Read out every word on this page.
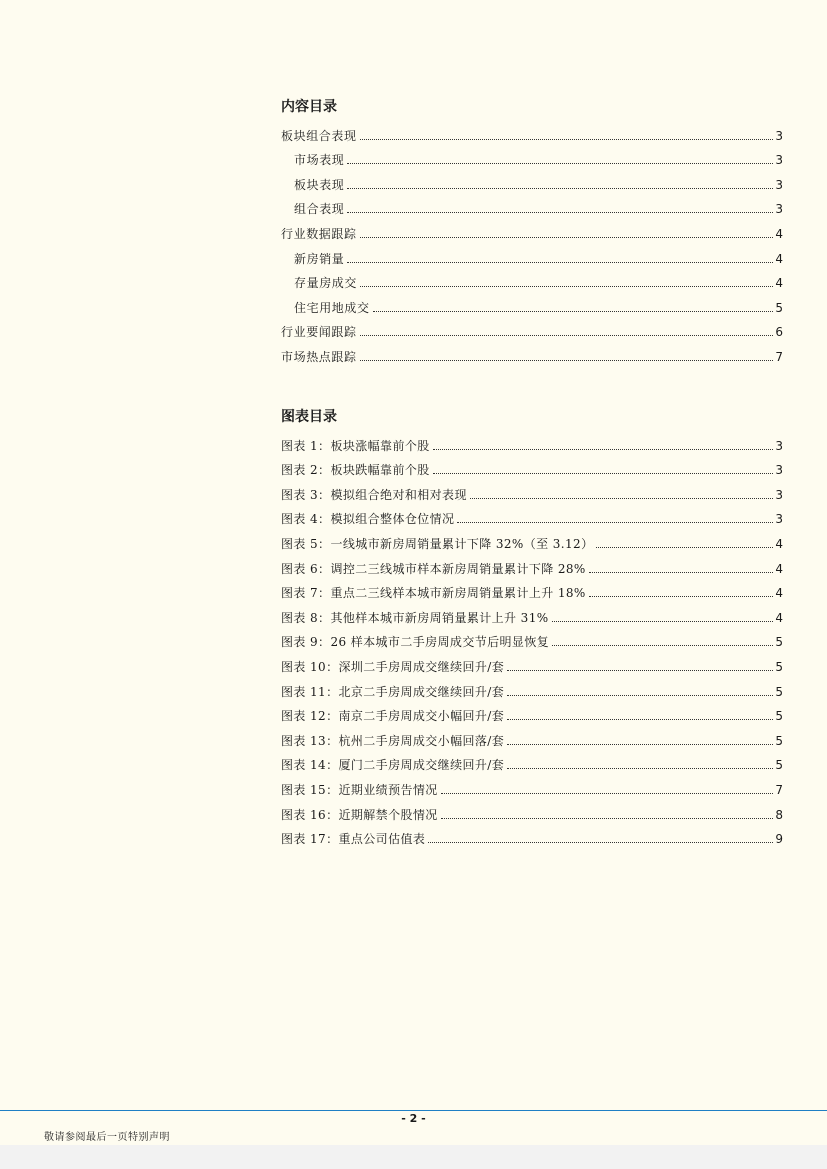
内容目录
板块组合表现	3
市场表现	3
板块表现	3
组合表现	3
行业数据跟踪	4
新房销量	4
存量房成交	4
住宅用地成交	5
行业要闻跟踪	6
市场热点跟踪	7
图表目录
图表 1：板块涨幅靠前个股	3
图表 2：板块跌幅靠前个股	3
图表 3：模拟组合绝对和相对表现	3
图表 4：模拟组合整体仓位情况	3
图表 5：一线城市新房周销量累计下降 32%（至 3.12）	4
图表 6：调控二三线城市样本新房周销量累计下降 28%	4
图表 7：重点二三线样本城市新房周销量累计上升 18%	4
图表 8：其他样本城市新房周销量累计上升 31%	4
图表 9：26 样本城市二手房周成交节后明显恢复	5
图表 10：深圳二手房周成交继续回升/套	5
图表 11：北京二手房周成交继续回升/套	5
图表 12：南京二手房周成交小幅回升/套	5
图表 13：杭州二手房周成交小幅回落/套	5
图表 14：厦门二手房周成交继续回升/套	5
图表 15：近期业绩预告情况	7
图表 16：近期解禁个股情况	8
图表 17：重点公司估值表	9
- 2 -
敬请参阅最后一页特别声明
